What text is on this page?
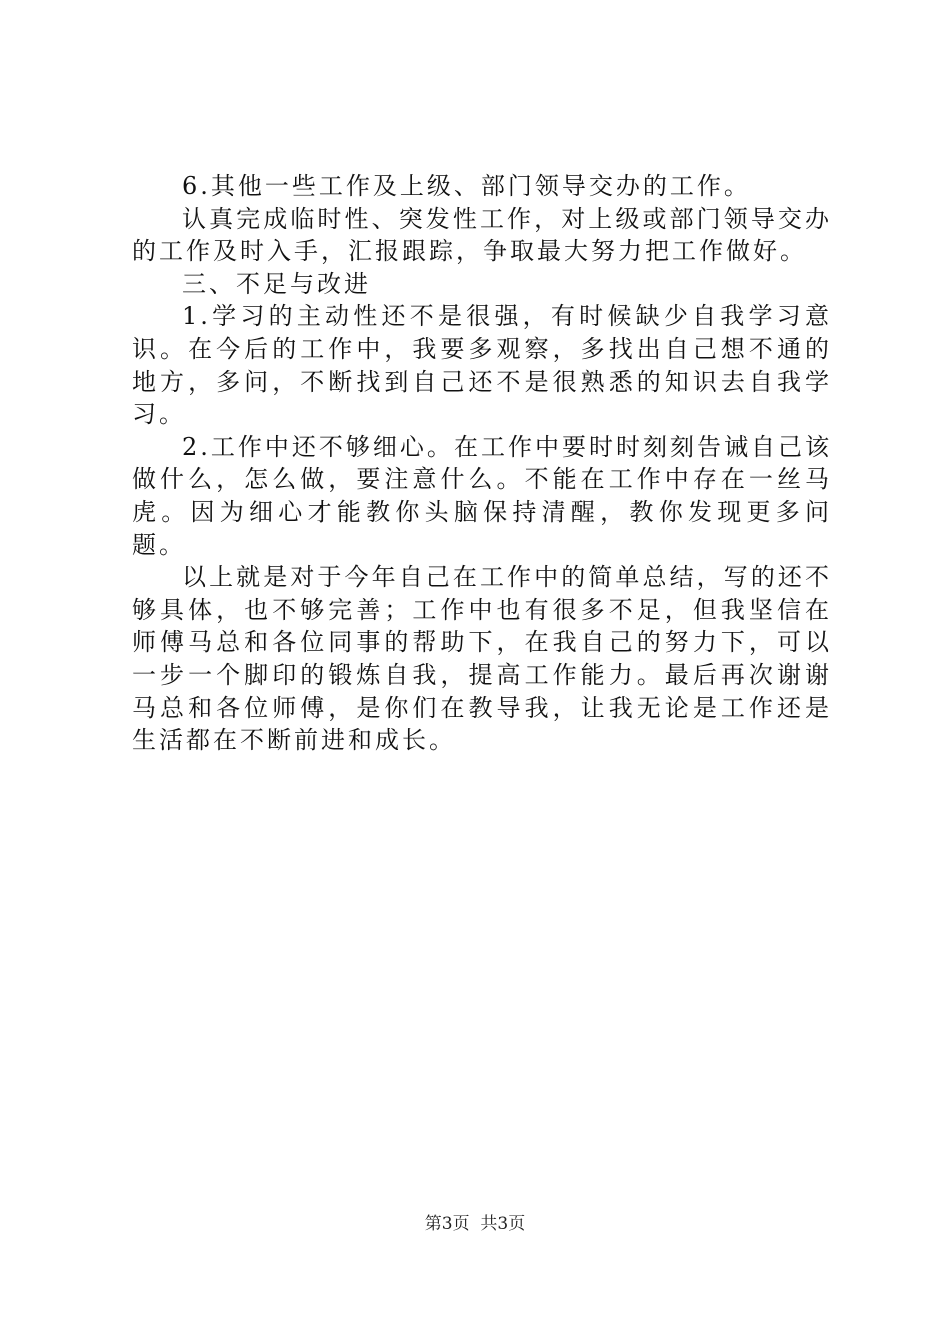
6.其他一些工作及上级、部门领导交办的工作。

认真完成临时性、突发性工作，对上级或部门领导交办的工作及时入手，汇报跟踪，争取最大努力把工作做好。

三、不足与改进

1.学习的主动性还不是很强，有时候缺少自我学习意识。在今后的工作中，我要多观察，多找出自己想不通的地方，多问，不断找到自己还不是很熟悉的知识去自我学习。

2.工作中还不够细心。在工作中要时时刻刻告诫自己该做什么，怎么做，要注意什么。不能在工作中存在一丝马虎。因为细心才能教你头脑保持清醒，教你发现更多问题。

以上就是对于今年自己在工作中的简单总结，写的还不够具体，也不够完善；工作中也有很多不足，但我坚信在师傅马总和各位同事的帮助下，在我自己的努力下，可以一步一个脚印的锻炼自我，提高工作能力。最后再次谢谢马总和各位师傅，是你们在教导我，让我无论是工作还是生活都在不断前进和成长。

第3页 共3页
